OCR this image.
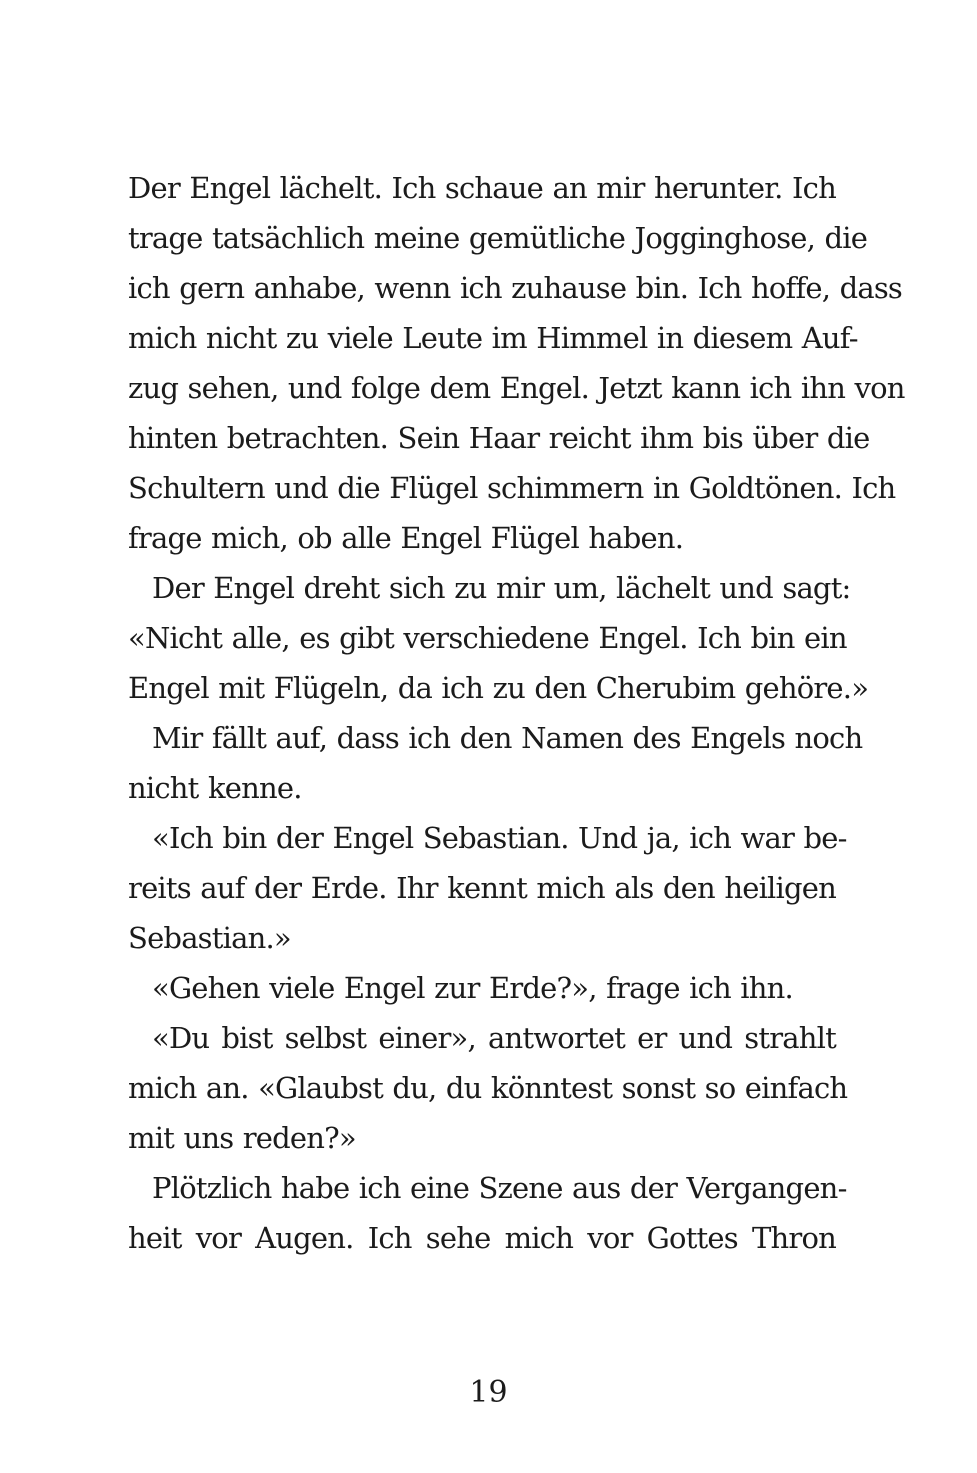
Der Engel lächelt. Ich schaue an mir herunter. Ich
trage tatsächlich meine gemütliche Jogginghose, die
ich gern anhabe, wenn ich zuhause bin. Ich hoffe, dass
mich nicht zu viele Leute im Himmel in diesem Auf-
zug sehen, und folge dem Engel. Jetzt kann ich ihn von
hinten betrachten. Sein Haar reicht ihm bis über die
Schultern und die Flügel schimmern in Goldtönen. Ich
frage mich, ob alle Engel Flügel haben.
Der Engel dreht sich zu mir um, lächelt und sagt:
«Nicht alle, es gibt verschiedene Engel. Ich bin ein
Engel mit Flügeln, da ich zu den Cherubim gehöre.»
Mir fällt auf, dass ich den Namen des Engels noch
nicht kenne.
«Ich bin der Engel Sebastian. Und ja, ich war be-
reits auf der Erde. Ihr kennt mich als den heiligen
Sebastian.»
«Gehen viele Engel zur Erde?», frage ich ihn.
«Du bist selbst einer», antwortet er und strahlt
mich an. «Glaubst du, du könntest sonst so einfach
mit uns reden?»
Plötzlich habe ich eine Szene aus der Vergangen-
heit vor Augen. Ich sehe mich vor Gottes Thron
19
